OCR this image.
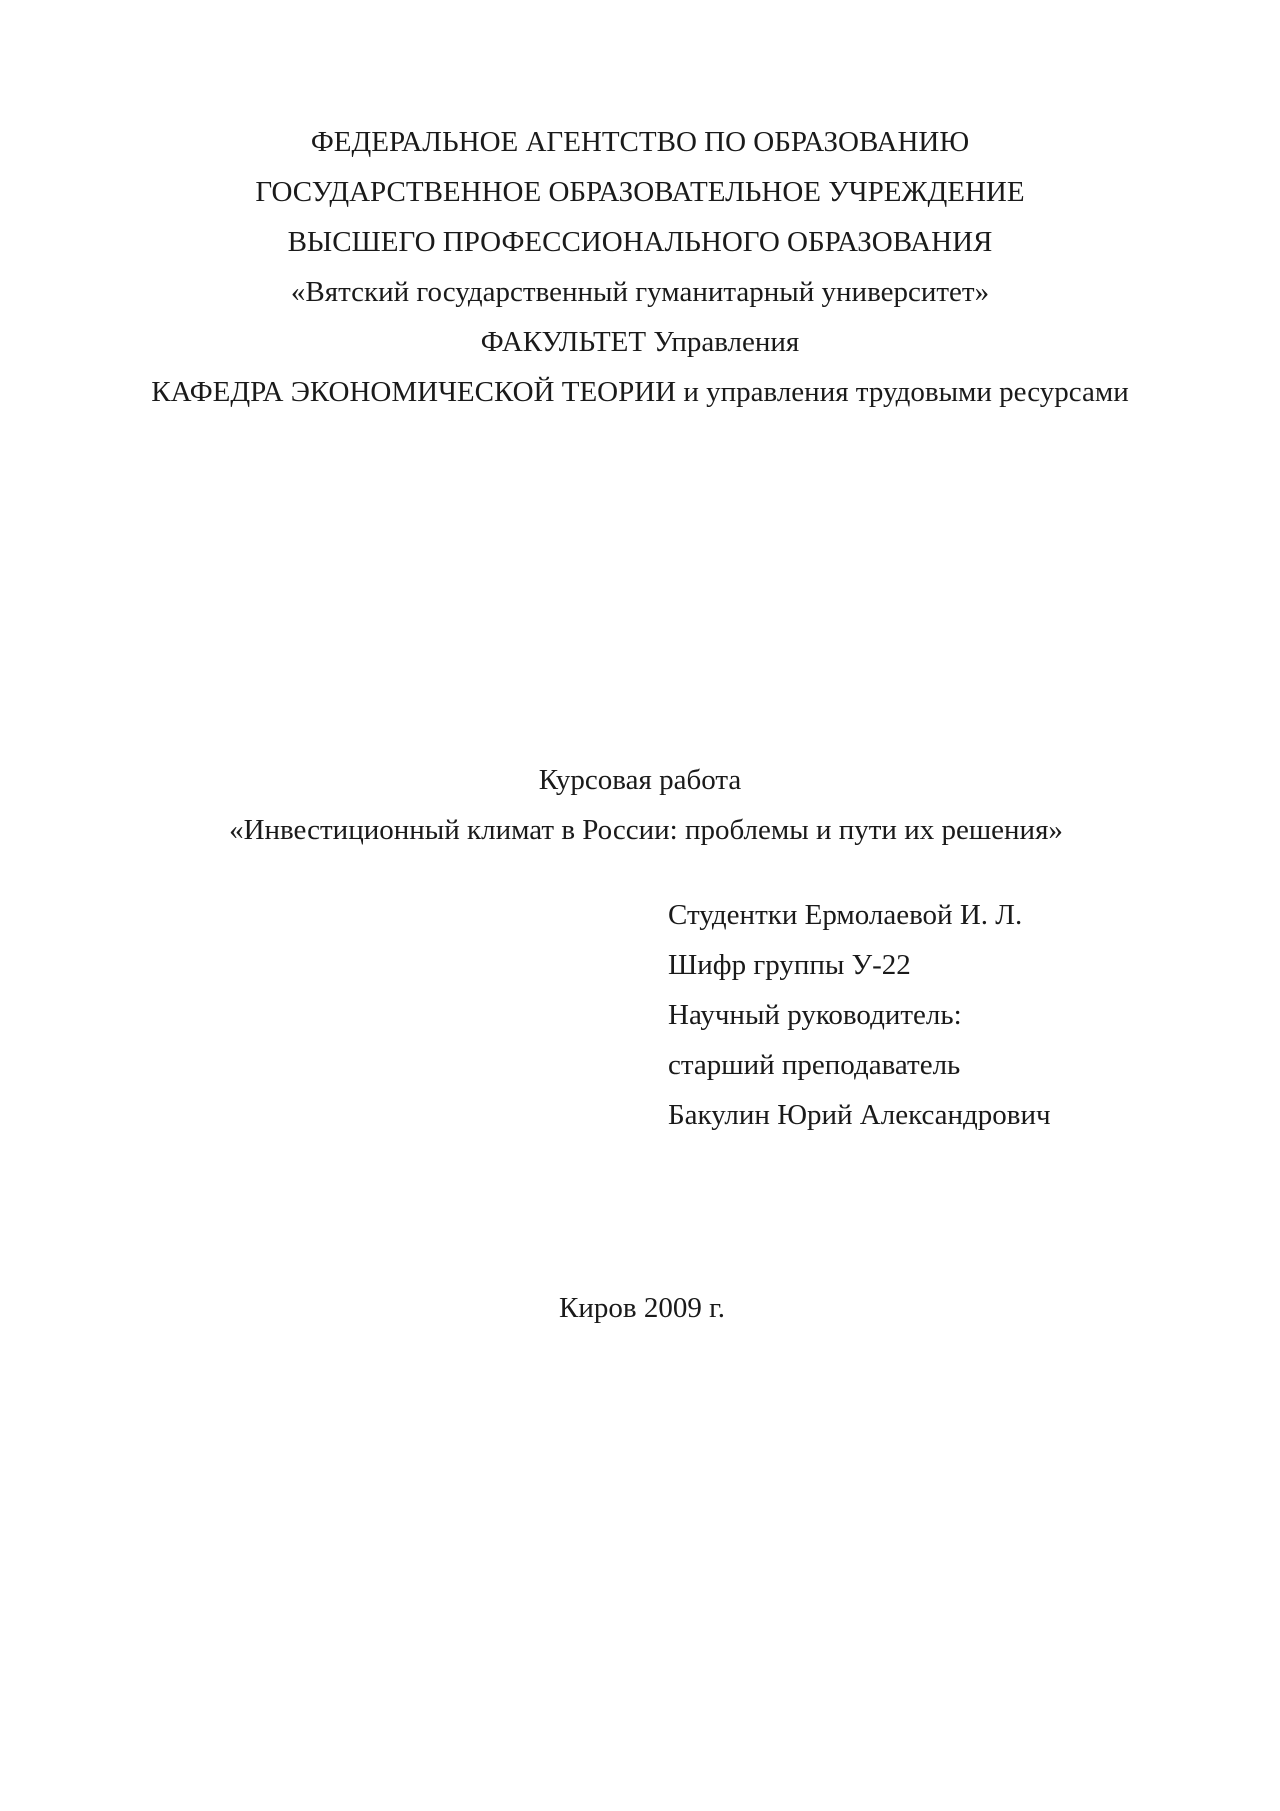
ФЕДЕРАЛЬНОЕ АГЕНТСТВО ПО ОБРАЗОВАНИЮ
ГОСУДАРСТВЕННОЕ ОБРАЗОВАТЕЛЬНОЕ УЧРЕЖДЕНИЕ
ВЫСШЕГО ПРОФЕССИОНАЛЬНОГО ОБРАЗОВАНИЯ
«Вятский государственный гуманитарный университет»
ФАКУЛЬТЕТ Управления
КАФЕДРА ЭКОНОМИЧЕСКОЙ ТЕОРИИ и управления трудовыми ресурсами
Курсовая работа
«Инвестиционный климат в России: проблемы и пути их решения»
Студентки Ермолаевой И. Л.
Шифр группы У-22
Научный руководитель:
старший преподаватель
Бакулин Юрий Александрович
Киров 2009 г.
